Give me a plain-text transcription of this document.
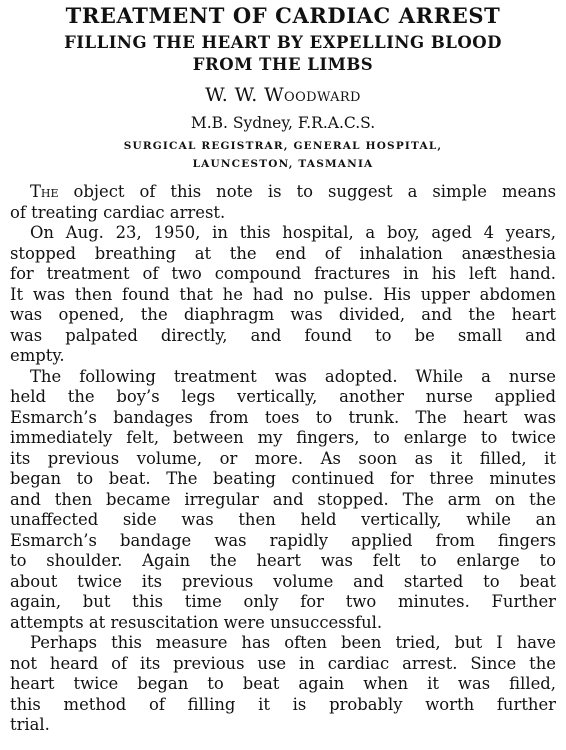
TREATMENT OF CARDIAC ARREST
FILLING THE HEART BY EXPELLING BLOOD
FROM THE LIMBS
W. W. Woodward
M.B. Sydney, F.R.A.C.S.
SURGICAL REGISTRAR, GENERAL HOSPITAL,
LAUNCESTON, TASMANIA
The object of this note is to suggest a simple means
of treating cardiac arrest.
On Aug. 23, 1950, in this hospital, a boy, aged 4 years,
stopped breathing at the end of inhalation anæsthesia
for treatment of two compound fractures in his left hand.
It was then found that he had no pulse. His upper abdomen
was opened, the diaphragm was divided, and the heart
was palpated directly, and found to be small and
empty.
The following treatment was adopted. While a nurse
held the boy’s legs vertically, another nurse applied
Esmarch’s bandages from toes to trunk. The heart was
immediately felt, between my fingers, to enlarge to twice
its previous volume, or more. As soon as it filled, it
began to beat. The beating continued for three minutes
and then became irregular and stopped. The arm on the
unaffected side was then held vertically, while an
Esmarch’s bandage was rapidly applied from fingers
to shoulder. Again the heart was felt to enlarge to
about twice its previous volume and started to beat
again, but this time only for two minutes. Further
attempts at resuscitation were unsuccessful.
Perhaps this measure has often been tried, but I have
not heard of its previous use in cardiac arrest. Since the
heart twice began to beat again when it was filled,
this method of filling it is probably worth further
trial.
